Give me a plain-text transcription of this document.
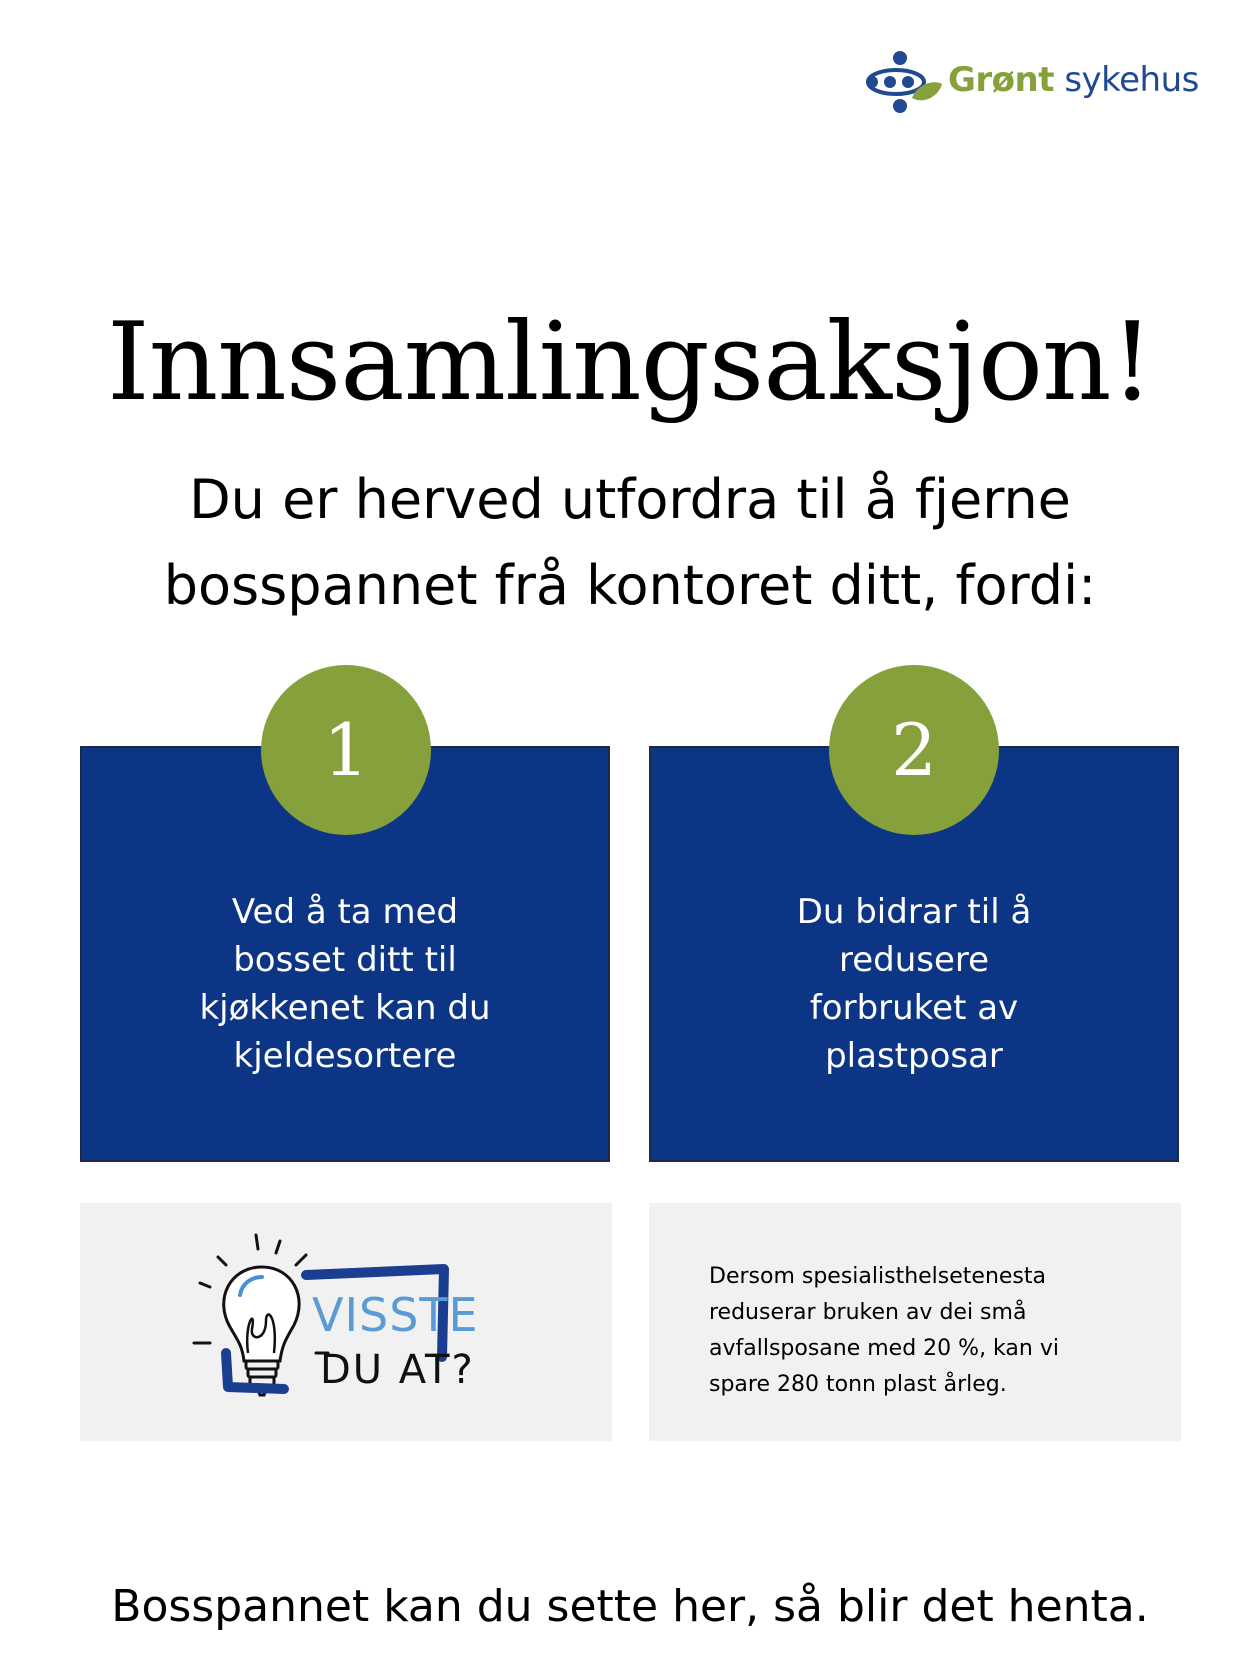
Grønt sykehus
Innsamlingsaksjon!
Du er herved utfordra til å fjerne
bosspannet frå kontoret ditt, fordi:
Ved å ta med
bosset ditt til
kjøkkenet kan du
kjeldesortere
Du bidrar til å
redusere
forbruket av
plastposar
1	2
VISSTE
DU AT?
Dersom spesialisthelsetenesta
reduserar bruken av dei små
avfallsposane med 20 %, kan vi
spare 280 tonn plast årleg.
Bosspannet kan du sette her, så blir det henta.
